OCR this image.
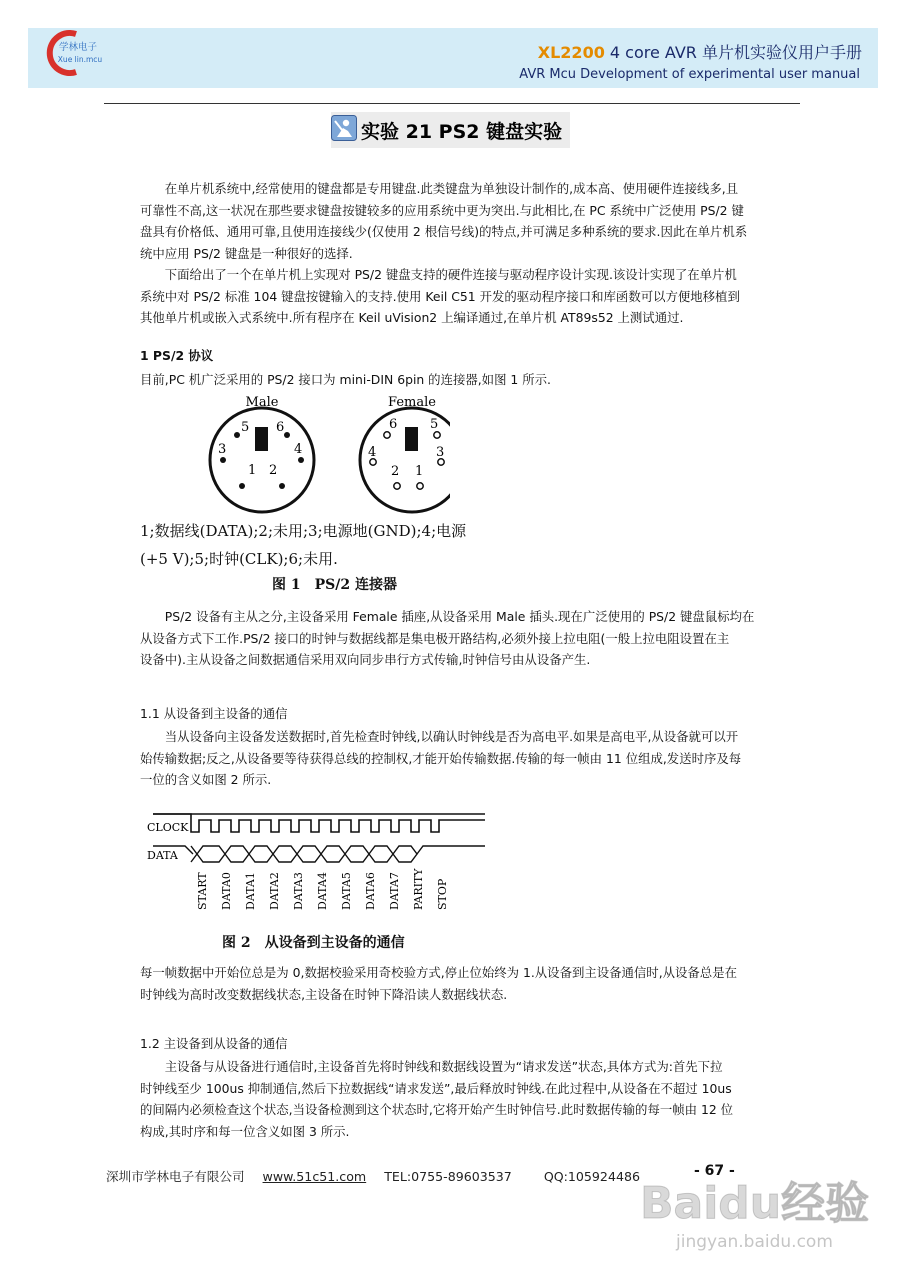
学林电子
Xue lin.mcu	XL2200 4 core AVR 单片机实验仪用户手册
AVR Mcu Development of experimental user manual
实验 21 PS2 键盘实验
　　在单片机系统中,经常使用的键盘都是专用键盘.此类键盘为单独设计制作的,成本高、使用硬件连接线多,且
可靠性不高,这一状况在那些要求键盘按键较多的应用系统中更为突出.与此相比,在 PC 系统中广泛使用 PS/2 键
盘具有价格低、通用可靠,且使用连接线少(仅使用 2 根信号线)的特点,并可满足多种系统的要求.因此在单片机系
统中应用 PS/2 键盘是一种很好的选择.
　　下面给出了一个在单片机上实现对 PS/2 键盘支持的硬件连接与驱动程序设计实现.该设计实现了在单片机
系统中对 PS/2 标准 104 键盘按键输入的支持.使用 Keil C51 开发的驱动程序接口和库函数可以方便地移植到
其他单片机或嵌入式系统中.所有程序在 Keil uVision2 上编译通过,在单片机 AT89s52 上测试通过.
1 PS/2 协议
目前,PC 机广泛采用的 PS/2 接口为 mini-DIN 6pin 的连接器,如图 1 所示.
Male	Female
5 6
3	4
1 2
6	5
4	3
2 1
1;数据线(DATA);2;未用;3;电源地(GND);4;电源
(+5 V);5;时钟(CLK);6;未用.
图 1　PS/2 连接器
　　PS/2 设备有主从之分,主设备采用 Female 插座,从设备采用 Male 插头.现在广泛使用的 PS/2 键盘鼠标均在
从设备方式下工作.PS/2 接口的时钟与数据线都是集电极开路结构,必须外接上拉电阻(一般上拉电阻设置在主
设备中).主从设备之间数据通信采用双向同步串行方式传输,时钟信号由从设备产生.
1.1 从设备到主设备的通信
　　当从设备向主设备发送数据时,首先检查时钟线,以确认时钟线是否为高电平.如果是高电平,从设备就可以开
始传输数据;反之,从设备要等待获得总线的控制权,才能开始传输数据.传输的每一帧由 11 位组成,发送时序及每
一位的含义如图 2 所示.
CLOCK
DATA
START DATA0 DATA1 DATA2 DATA3 DATA4 DATA5 DATA6 DATA7 PARITY STOP
图 2　从设备到主设备的通信
每一帧数据中开始位总是为 0,数据校验采用奇校验方式,停止位始终为 1.从设备到主设备通信时,从设备总是在
时钟线为高时改变数据线状态,主设备在时钟下降沿读人数据线状态.
1.2 主设备到从设备的通信
　　主设备与从设备进行通信时,主设备首先将时钟线和数据线设置为“请求发送”状态,具体方式为:首先下拉
时钟线至少 100us 抑制通信,然后下拉数据线“请求发送”,最后释放时钟线.在此过程中,从设备在不超过 10us
的间隔内必须检查这个状态,当设备检测到这个状态时,它将开始产生时钟信号.此时数据传输的每一帧由 12 位
构成,其时序和每一位含义如图 3 所示.
深圳市学林电子有限公司 www.51c51.com TEL:0755-89603537	QQ:105924486	- 67 -
Baidu经验
jingyan.baidu.com
